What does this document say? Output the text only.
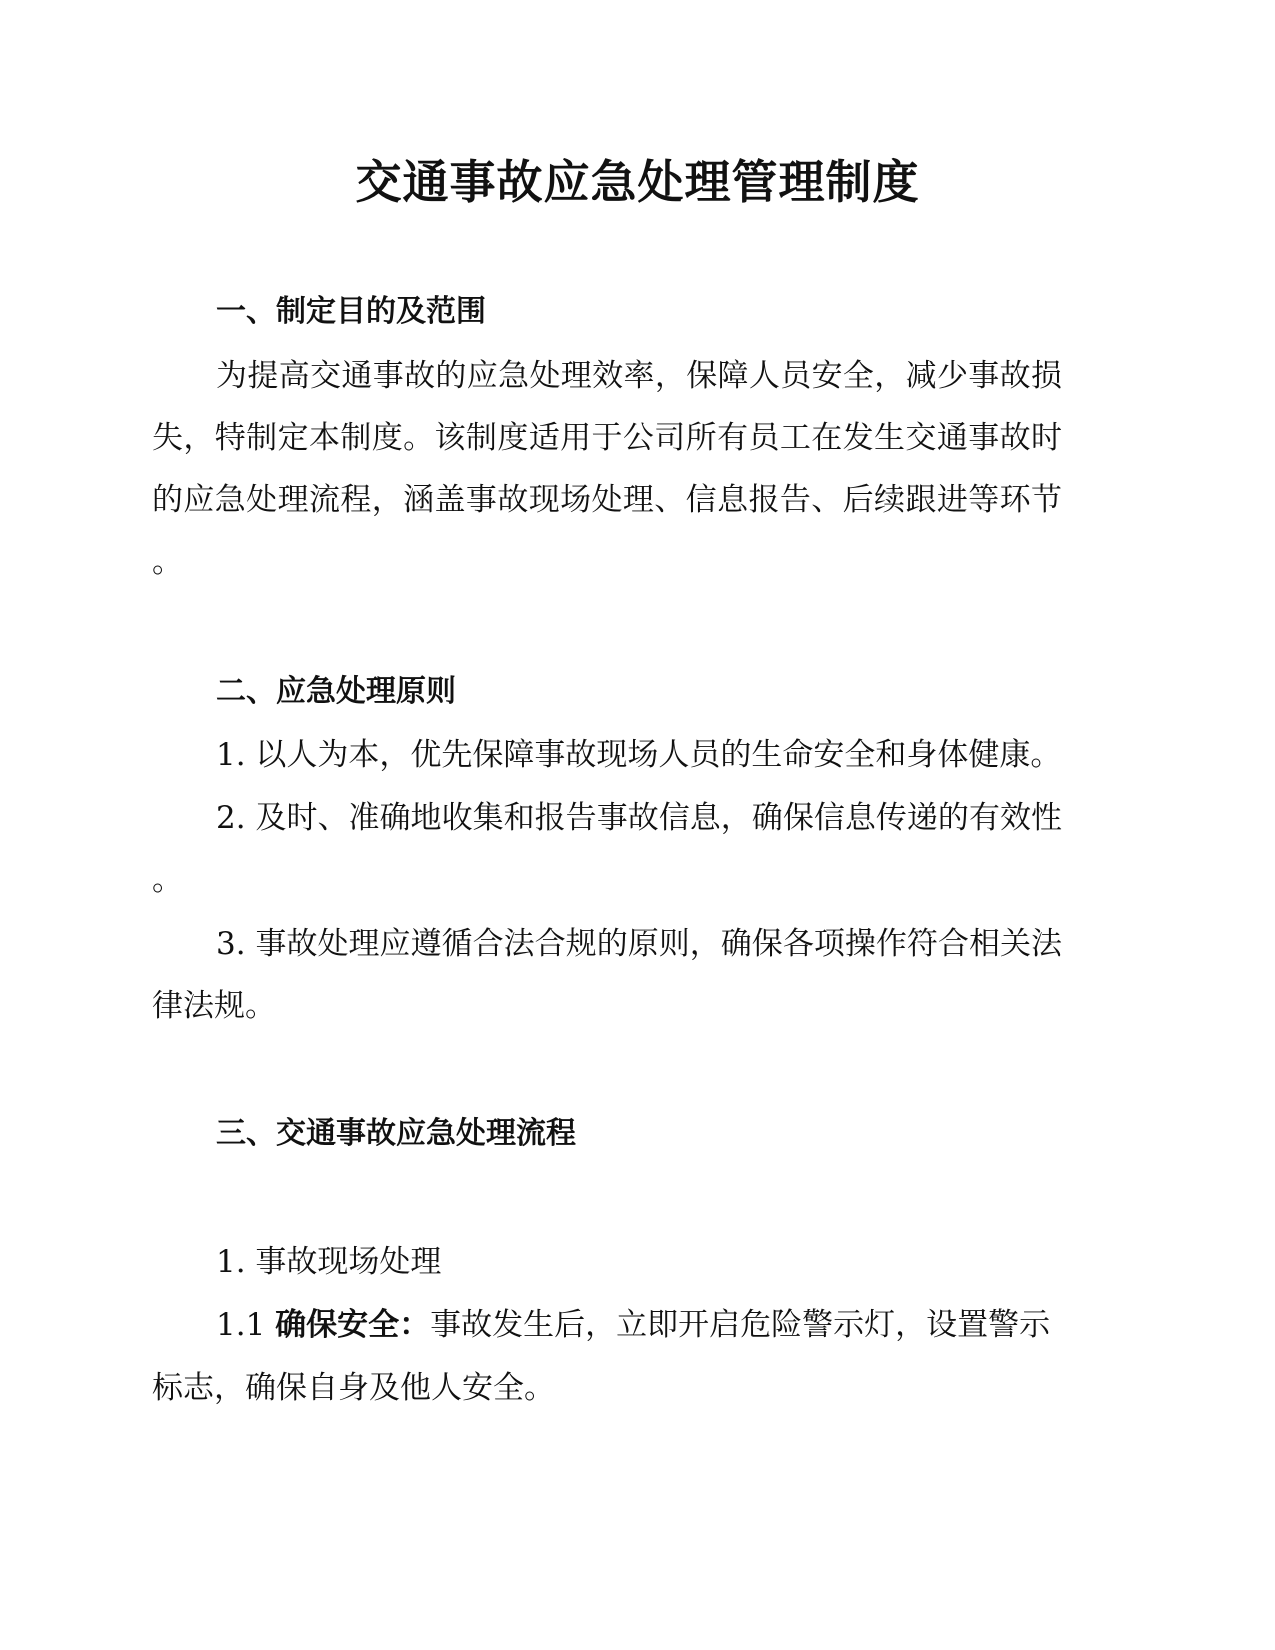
交通事故应急处理管理制度
一、制定目的及范围
为提高交通事故的应急处理效率，保障人员安全，减少事故损
失，特制定本制度。该制度适用于公司所有员工在发生交通事故时
的应急处理流程，涵盖事故现场处理、信息报告、后续跟进等环节
。
二、应急处理原则
1. 以人为本，优先保障事故现场人员的生命安全和身体健康。
2. 及时、准确地收集和报告事故信息，确保信息传递的有效性
。
3. 事故处理应遵循合法合规的原则，确保各项操作符合相关法
律法规。
三、交通事故应急处理流程
1. 事故现场处理
1.1 确保安全：事故发生后，立即开启危险警示灯，设置警示
标志，确保自身及他人安全。
